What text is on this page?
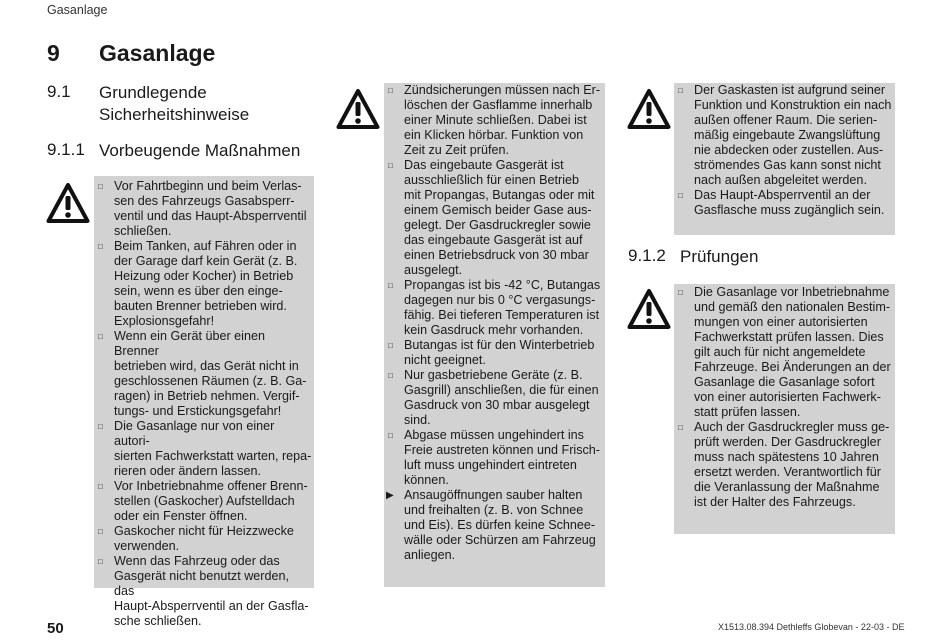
Gasanlage
9 Gasanlage
9.1 Grundlegende
Sicherheitshinweise
9.1.1 Vorbeugende Maßnahmen
9.1.2 Prüfungen
□ Vor Fahrtbeginn und beim Verlas-
sen des Fahrzeugs Gasabsperr-
ventil und das Haupt-Absperrventil
schließen.
□ Beim Tanken, auf Fähren oder in
der Garage darf kein Gerät (z. B.
Heizung oder Kocher) in Betrieb
sein, wenn es über den einge-
bauten Brenner betrieben wird.
Explosionsgefahr!
□ Wenn ein Gerät über einen Brenner
betrieben wird, das Gerät nicht in
geschlossenen Räumen (z. B. Ga-
ragen) in Betrieb nehmen. Vergif-
tungs- und Erstickungsgefahr!
□ Die Gasanlage nur von einer autori-
sierten Fachwerkstatt warten, repa-
rieren oder ändern lassen.
□ Vor Inbetriebnahme offener Brenn-
stellen (Gaskocher) Aufstelldach
oder ein Fenster öffnen.
□ Gaskocher nicht für Heizzwecke
verwenden.
□ Wenn das Fahrzeug oder das
Gasgerät nicht benutzt werden, das
Haupt-Absperrventil an der Gasfla-
sche schließen.
□ Zündsicherungen müssen nach Er-
löschen der Gasflamme innerhalb
einer Minute schließen. Dabei ist
ein Klicken hörbar. Funktion von
Zeit zu Zeit prüfen.
□ Das eingebaute Gasgerät ist
ausschließlich für einen Betrieb
mit Propangas, Butangas oder mit
einem Gemisch beider Gase aus-
gelegt. Der Gasdruckregler sowie
das eingebaute Gasgerät ist auf
einen Betriebsdruck von 30 mbar
ausgelegt.
□ Propangas ist bis -42 °C, Butangas
dagegen nur bis 0 °C vergasungs-
fähig. Bei tieferen Temperaturen ist
kein Gasdruck mehr vorhanden.
□ Butangas ist für den Winterbetrieb
nicht geeignet.
□ Nur gasbetriebene Geräte (z. B.
Gasgrill) anschließen, die für einen
Gasdruck von 30 mbar ausgelegt
sind.
□ Abgase müssen ungehindert ins
Freie austreten können und Frisch-
luft muss ungehindert eintreten
können.
▶ Ansaugöffnungen sauber halten
und freihalten (z. B. von Schnee
und Eis). Es dürfen keine Schnee-
wälle oder Schürzen am Fahrzeug
anliegen.
□ Der Gaskasten ist aufgrund seiner
Funktion und Konstruktion ein nach
außen offener Raum. Die serien-
mäßig eingebaute Zwangslüftung
nie abdecken oder zustellen. Aus-
strömendes Gas kann sonst nicht
nach außen abgeleitet werden.
□ Das Haupt-Absperrventil an der
Gasflasche muss zugänglich sein.
□ Die Gasanlage vor Inbetriebnahme
und gemäß den nationalen Bestim-
mungen von einer autorisierten
Fachwerkstatt prüfen lassen. Dies
gilt auch für nicht angemeldete
Fahrzeuge. Bei Änderungen an der
Gasanlage die Gasanlage sofort
von einer autorisierten Fachwerk-
statt prüfen lassen.
□ Auch der Gasdruckregler muss ge-
prüft werden. Der Gasdruckregler
muss nach spätestens 10 Jahren
ersetzt werden. Verantwortlich für
die Veranlassung der Maßnahme
ist der Halter des Fahrzeugs.
50	X1513.08.394 Dethleffs Globevan - 22-03 - DE
